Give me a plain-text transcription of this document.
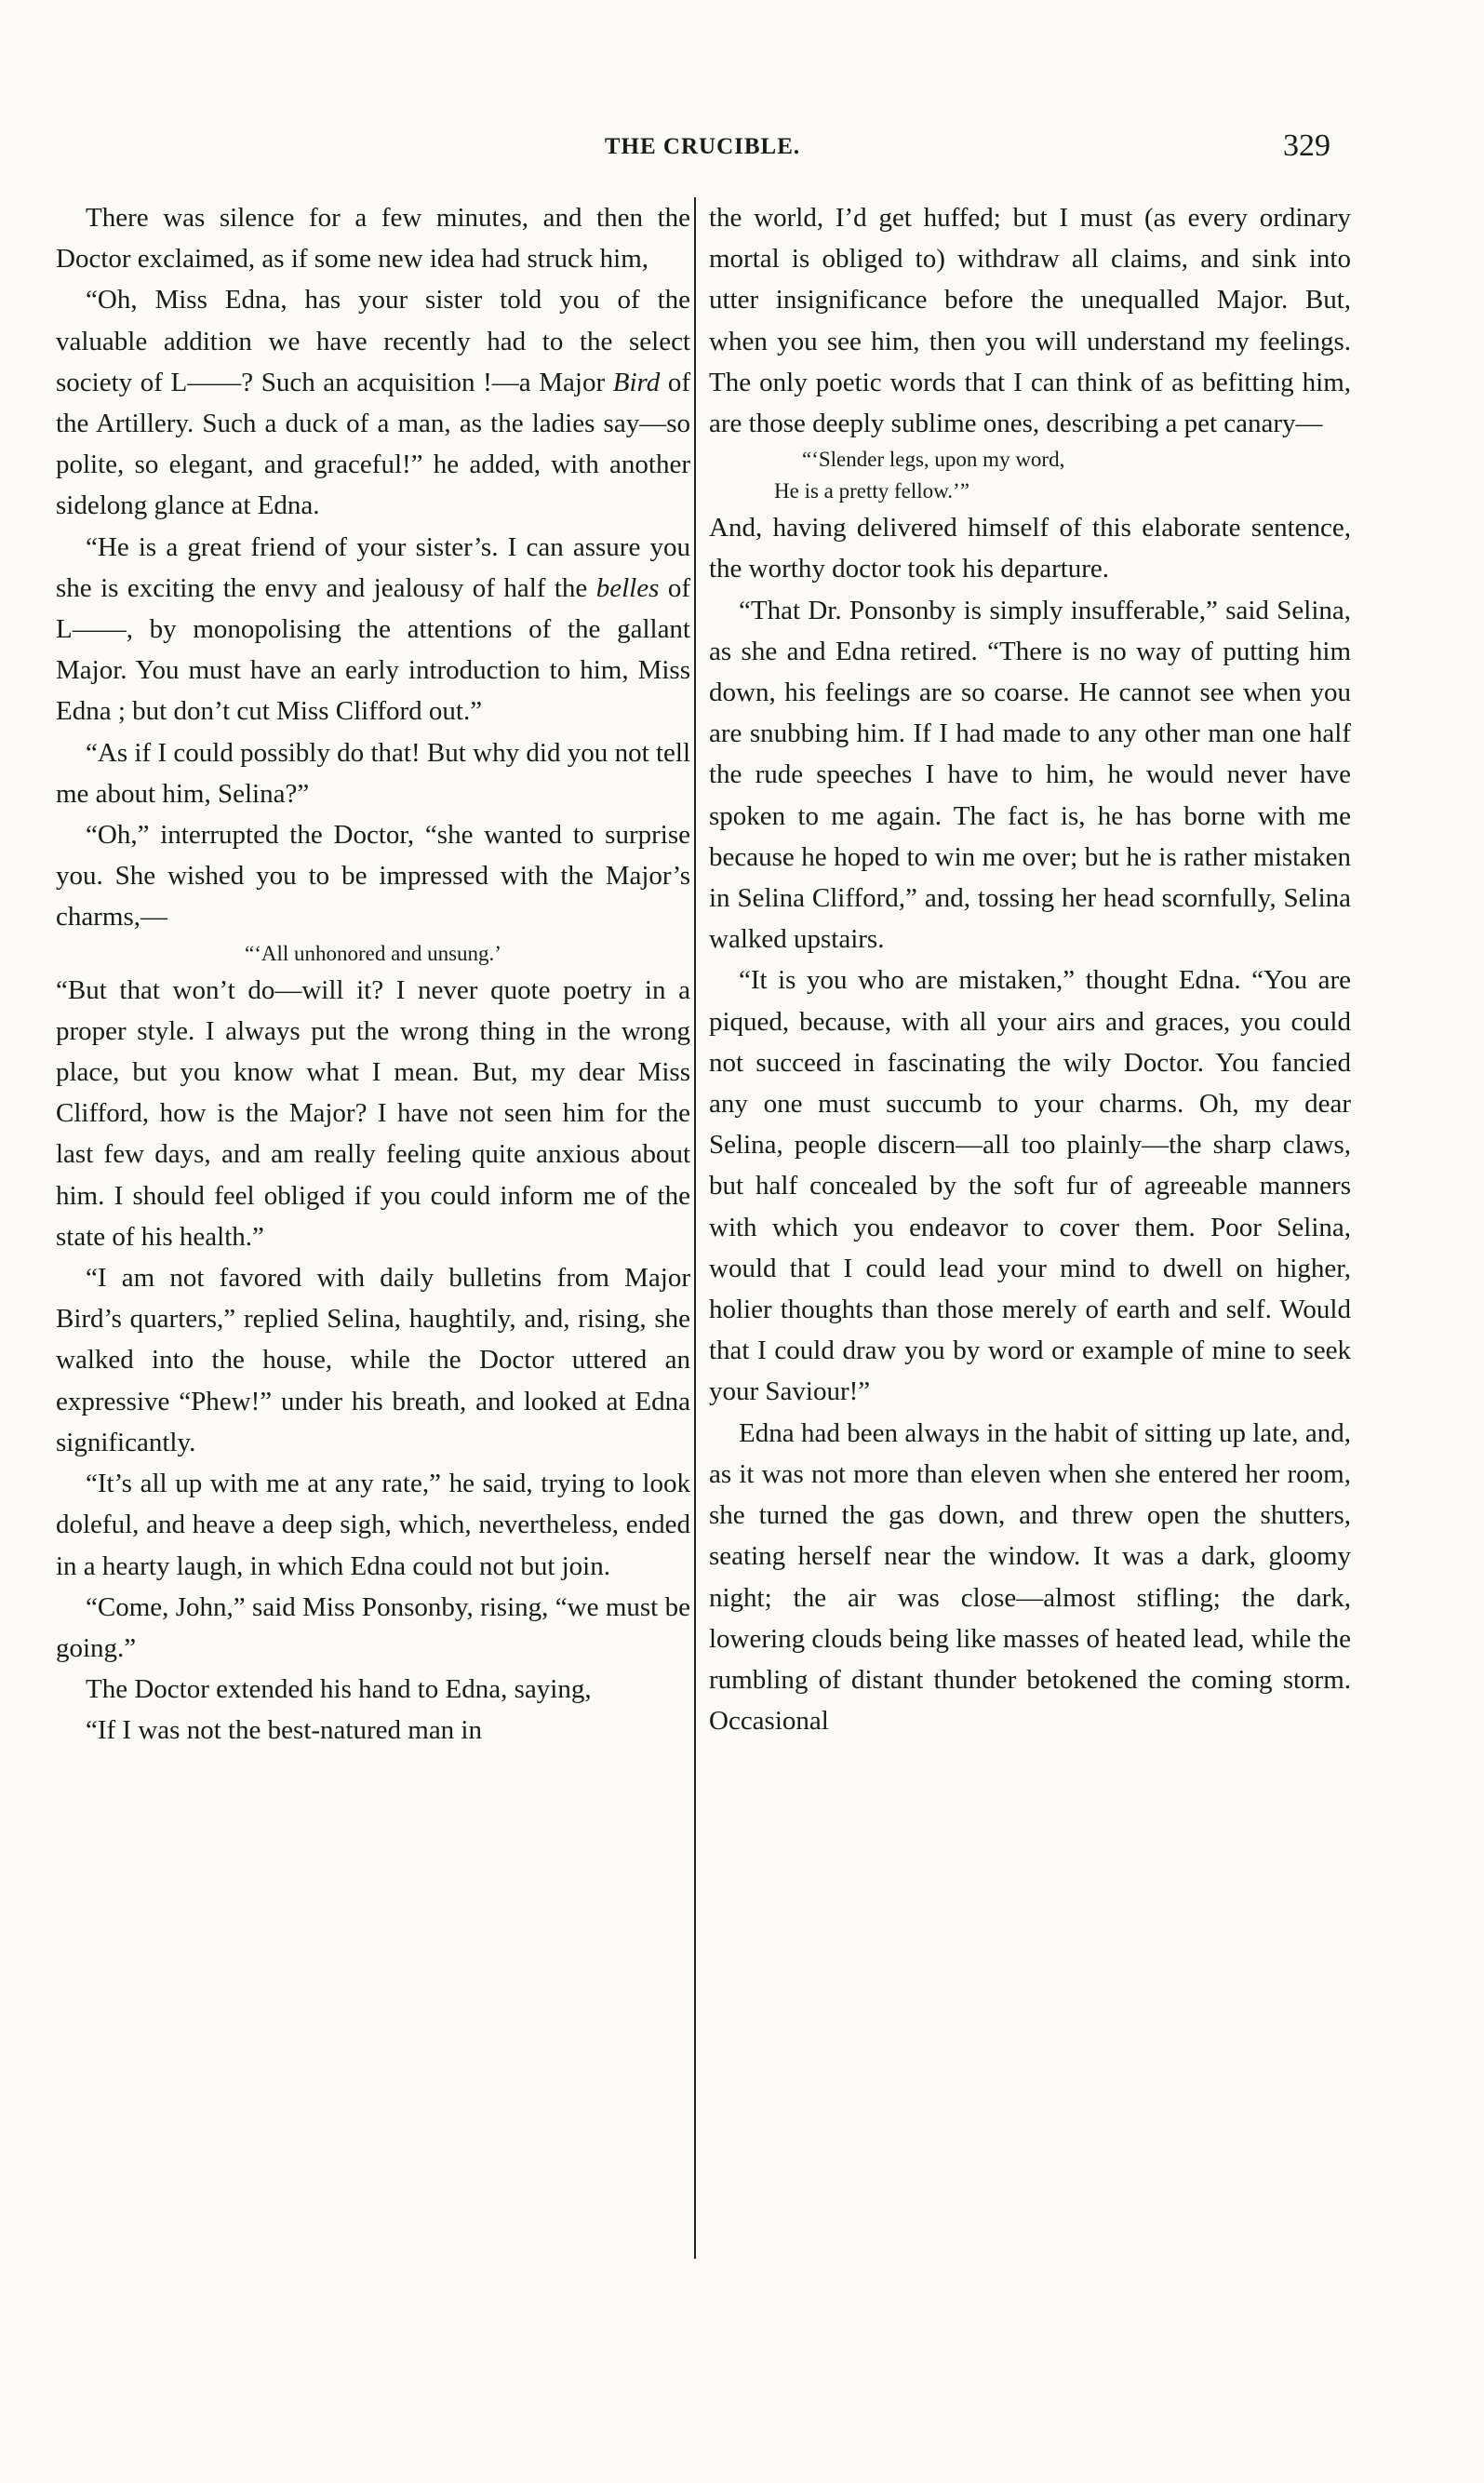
THE CRUCIBLE.	329

There was silence for a few minutes, and then the Doctor exclaimed, as if some new idea had struck him,

“Oh, Miss Edna, has your sister told you of the valuable addition we have recently had to the select society of L——? Such an acquisition !—a Major Bird of the Artillery. Such a duck of a man, as the ladies say—so polite, so elegant, and graceful!” he added, with another sidelong glance at Edna.

“He is a great friend of your sister’s. I can assure you she is exciting the envy and jealousy of half the belles of L——, by monopolising the attentions of the gallant Major. You must have an early introduction to him, Miss Edna ; but don’t cut Miss Clifford out.”

“As if I could possibly do that! But why did you not tell me about him, Selina?”

“Oh,” interrupted the Doctor, “she wanted to surprise you. She wished you to be impressed with the Major’s charms,—

“‘All unhonored and unsung.’

“But that won’t do—will it? I never quote poetry in a proper style. I always put the wrong thing in the wrong place, but you know what I mean. But, my dear Miss Clifford, how is the Major? I have not seen him for the last few days, and am really feeling quite anxious about him. I should feel obliged if you could inform me of the state of his health.”

“I am not favored with daily bulletins from Major Bird’s quarters,” replied Selina, haughtily, and, rising, she walked into the house, while the Doctor uttered an expressive “Phew!” under his breath, and looked at Edna significantly.

“It’s all up with me at any rate,” he said, trying to look doleful, and heave a deep sigh, which, nevertheless, ended in a hearty laugh, in which Edna could not but join.

“Come, John,” said Miss Ponsonby, rising, “we must be going.”

The Doctor extended his hand to Edna, saying,

“If I was not the best-natured man in

the world, I’d get huffed; but I must (as every ordinary mortal is obliged to) withdraw all claims, and sink into utter insignificance before the unequalled Major. But, when you see him, then you will understand my feelings. The only poetic words that I can think of as befitting him, are those deeply sublime ones, describing a pet canary—

“‘Slender legs, upon my word,

He is a pretty fellow.’”

And, having delivered himself of this elaborate sentence, the worthy doctor took his departure.

“That Dr. Ponsonby is simply insufferable,” said Selina, as she and Edna retired. “There is no way of putting him down, his feelings are so coarse. He cannot see when you are snubbing him. If I had made to any other man one half the rude speeches I have to him, he would never have spoken to me again. The fact is, he has borne with me because he hoped to win me over; but he is rather mistaken in Selina Clifford,” and, tossing her head scornfully, Selina walked upstairs.

“It is you who are mistaken,” thought Edna. “You are piqued, because, with all your airs and graces, you could not succeed in fascinating the wily Doctor. You fancied any one must succumb to your charms. Oh, my dear Selina, people discern—all too plainly—the sharp claws, but half concealed by the soft fur of agreeable manners with which you endeavor to cover them. Poor Selina, would that I could lead your mind to dwell on higher, holier thoughts than those merely of earth and self. Would that I could draw you by word or example of mine to seek your Saviour!”

Edna had been always in the habit of sitting up late, and, as it was not more than eleven when she entered her room, she turned the gas down, and threw open the shutters, seating herself near the window. It was a dark, gloomy night; the air was close—almost stifling; the dark, lowering clouds being like masses of heated lead, while the rumbling of distant thunder betokened the coming storm. Occasional
